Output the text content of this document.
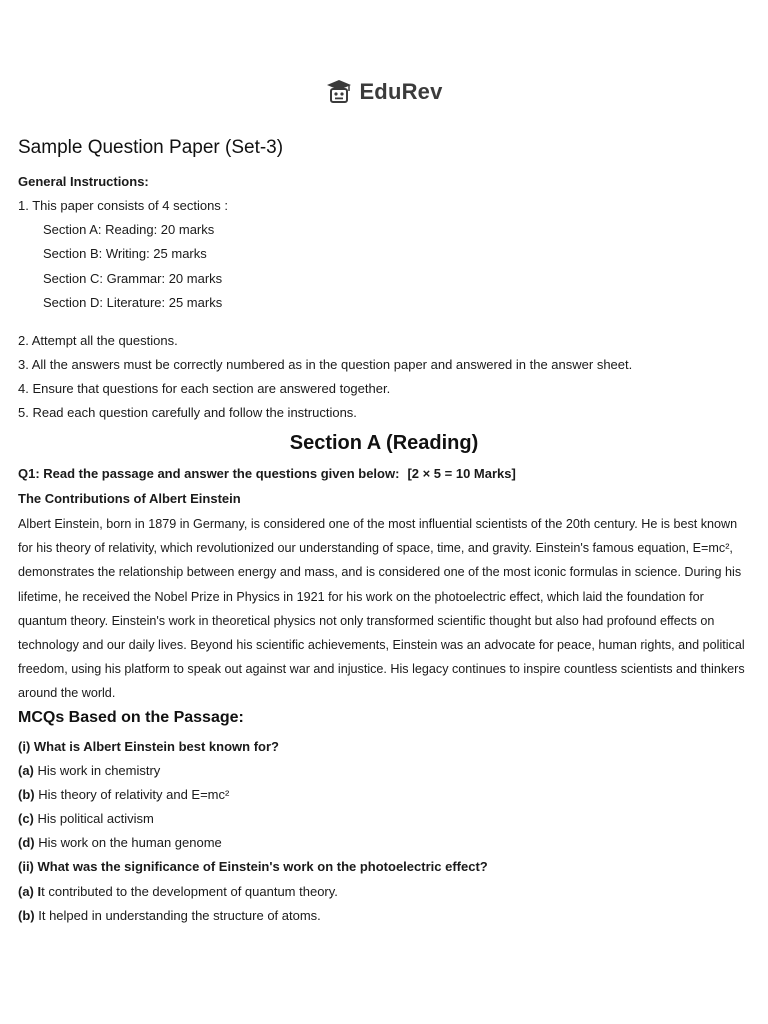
EduRev
Sample Question Paper (Set-3)
General Instructions:
1. This paper consists of 4 sections :
Section A: Reading: 20 marks
Section B: Writing: 25 marks
Section C: Grammar: 20 marks
Section D: Literature: 25 marks
2. Attempt all the questions.
3. All the answers must be correctly numbered as in the question paper and answered in the answer sheet.
4. Ensure that questions for each section are answered together.
5. Read each question carefully and follow the instructions.
Section A (Reading)
Q1: Read the passage and answer the questions given below: [2 × 5 = 10 Marks]
The Contributions of Albert Einstein
Albert Einstein, born in 1879 in Germany, is considered one of the most influential scientists of the 20th century. He is best known
for his theory of relativity, which revolutionized our understanding of space, time, and gravity. Einstein's famous equation, E=mc²,
demonstrates the relationship between energy and mass, and is considered one of the most iconic formulas in science. During his
lifetime, he received the Nobel Prize in Physics in 1921 for his work on the photoelectric effect, which laid the foundation for
quantum theory. Einstein's work in theoretical physics not only transformed scientific thought but also had profound effects on
technology and our daily lives. Beyond his scientific achievements, Einstein was an advocate for peace, human rights, and political
freedom, using his platform to speak out against war and injustice. His legacy continues to inspire countless scientists and thinkers
around the world.
MCQs Based on the Passage:
(i) What is Albert Einstein best known for?
(a) His work in chemistry
(b) His theory of relativity and E=mc²
(c) His political activism
(d) His work on the human genome
(ii) What was the significance of Einstein's work on the photoelectric effect?
(a) It contributed to the development of quantum theory.
(b) It helped in understanding the structure of atoms.
